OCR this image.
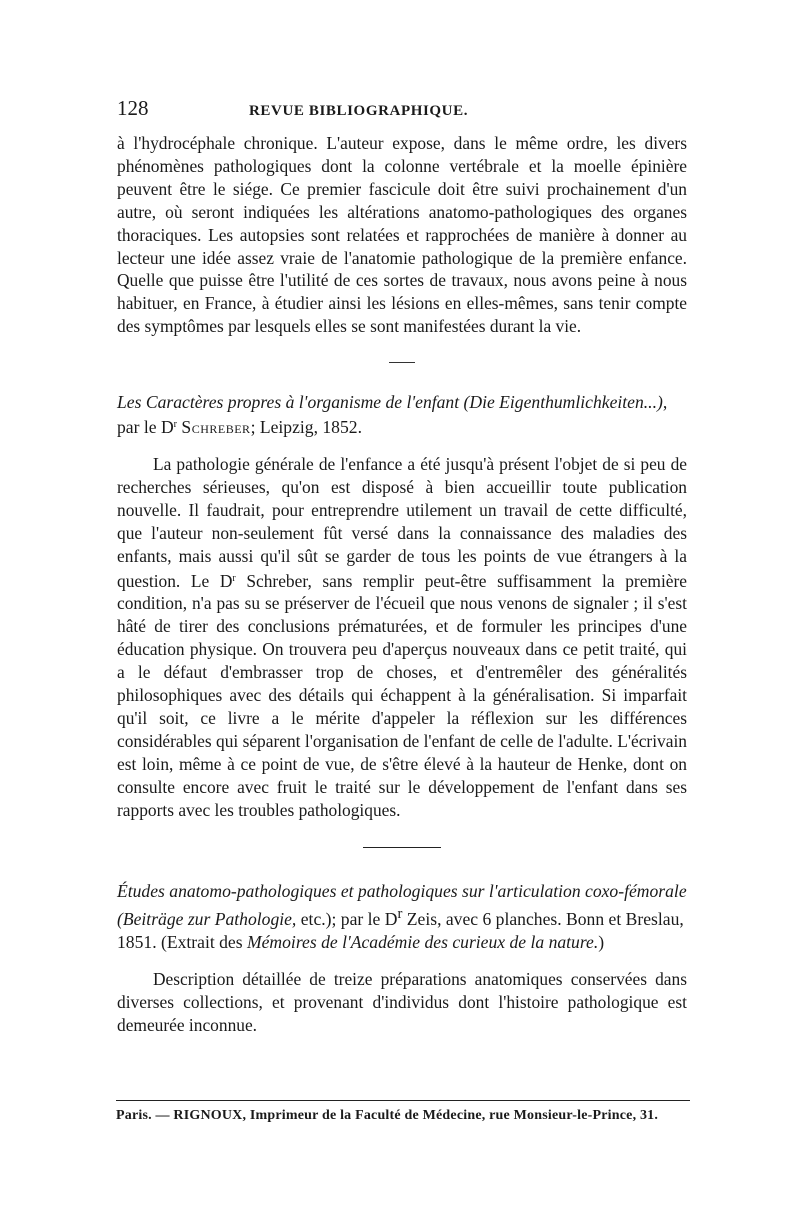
128	REVUE BIBLIOGRAPHIQUE.

à l'hydrocéphale chronique. L'auteur expose, dans le même ordre, les divers phénomènes pathologiques dont la colonne vertébrale et la moelle épinière peuvent être le siége. Ce premier fascicule doit être suivi prochainement d'un autre, où seront indiquées les altérations anatomo-pathologiques des organes thoraciques. Les autopsies sont relatées et rapprochées de manière à donner au lecteur une idée assez vraie de l'anatomie pathologique de la première enfance. Quelle que puisse être l'utilité de ces sortes de travaux, nous avons peine à nous habituer, en France, à étudier ainsi les lésions en elles-mêmes, sans tenir compte des symptômes par lesquels elles se sont manifestées durant la vie.

Les Caractères propres à l'organisme de l'enfant (Die Eigenthumlichkeiten...), par le $D^r$ Schreber; Leipzig, 1852.

La pathologie générale de l'enfance a été jusqu'à présent l'objet de si peu de recherches sérieuses, qu'on est disposé à bien accueillir toute publication nouvelle. Il faudrait, pour entreprendre utilement un travail de cette difficulté, que l'auteur non-seulement fût versé dans la connaissance des maladies des enfants, mais aussi qu'il sût se garder de tous les points de vue étrangers à la question. Le $D^r$ Schreber, sans remplir peut-être suffisamment la première condition, n'a pas su se préserver de l'écueil que nous venons de signaler ; il s'est hâté de tirer des conclusions prématurées, et de formuler les principes d'une éducation physique. On trouvera peu d'aperçus nouveaux dans ce petit traité, qui a le défaut d'embrasser trop de choses, et d'entremêler des généralités philosophiques avec des détails qui échappent à la généralisation. Si imparfait qu'il soit, ce livre a le mérite d'appeler la réflexion sur les différences considérables qui séparent l'organisation de l'enfant de celle de l'adulte. L'écrivain est loin, même à ce point de vue, de s'être élevé à la hauteur de Henke, dont on consulte encore avec fruit le traité sur le développement de l'enfant dans ses rapports avec les troubles pathologiques.

Études anatomo-pathologiques et pathologiques sur l'articulation coxo-fémorale (Beiträge zur Pathologie, etc.); par le $D^r$ Zeis, avec 6 planches. Bonn et Breslau, 1851. (Extrait des Mémoires de l'Académie des curieux de la nature.)

Description détaillée de treize préparations anatomiques conservées dans diverses collections, et provenant d'individus dont l'histoire pathologique est demeurée inconnue.

Paris. — RIGNOUX, Imprimeur de la Faculté de Médecine, rue Monsieur-le-Prince, 31.
